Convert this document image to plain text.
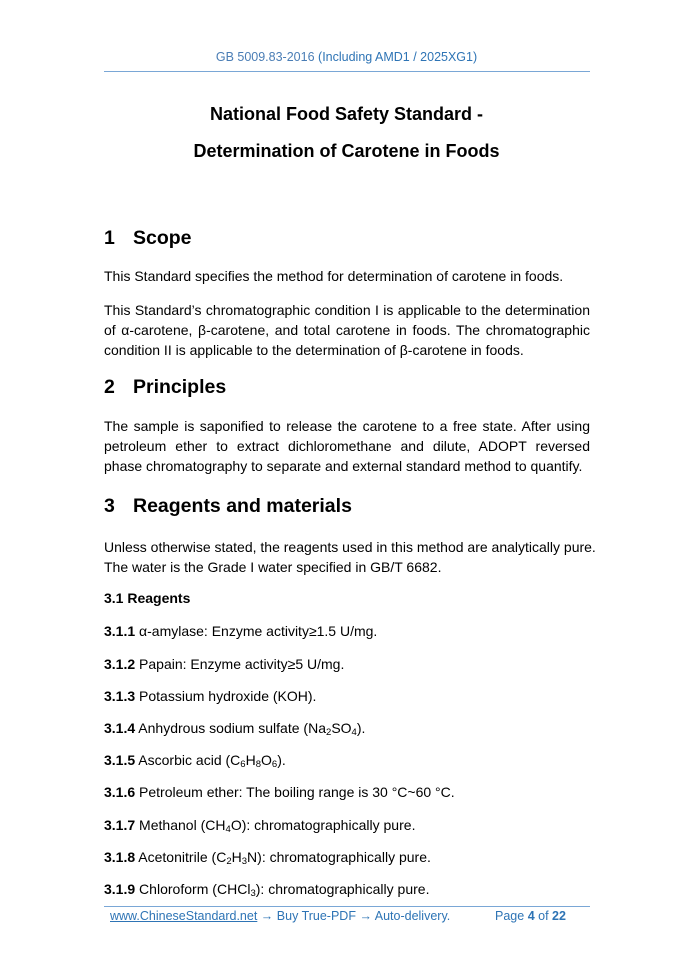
GB 5009.83-2016 (Including AMD1 / 2025XG1)
National Food Safety Standard -
Determination of Carotene in Foods
1 Scope
This Standard specifies the method for determination of carotene in foods.
This Standard’s chromatographic condition I is applicable to the determination of α-carotene, β-carotene, and total carotene in foods. The chromatographic condition II is applicable to the determination of β-carotene in foods.
2 Principles
The sample is saponified to release the carotene to a free state. After using petroleum ether to extract dichloromethane and dilute, ADOPT reversed phase chromatography to separate and external standard method to quantify.
3 Reagents and materials
Unless otherwise stated, the reagents used in this method are analytically pure.
The water is the Grade I water specified in GB/T 6682.
3.1 Reagents
3.1.1 α-amylase: Enzyme activity≥1.5 U/mg.
3.1.2 Papain: Enzyme activity≥5 U/mg.
3.1.3 Potassium hydroxide (KOH).
3.1.4 Anhydrous sodium sulfate $(Na_2SO_4)$.
3.1.5 Ascorbic acid $(C_6H_8O_6)$.
3.1.6 Petroleum ether: The boiling range is 30 °C~60 °C.
3.1.7 Methanol $(CH_4O)$: chromatographically pure.
3.1.8 Acetonitrile $(C_2H_3N)$: chromatographically pure.
3.1.9 Chloroform (CHCl$_3$): chromatographically pure.
www.ChineseStandard.net → Buy True-PDF → Auto-delivery.	Page 4 of 22
